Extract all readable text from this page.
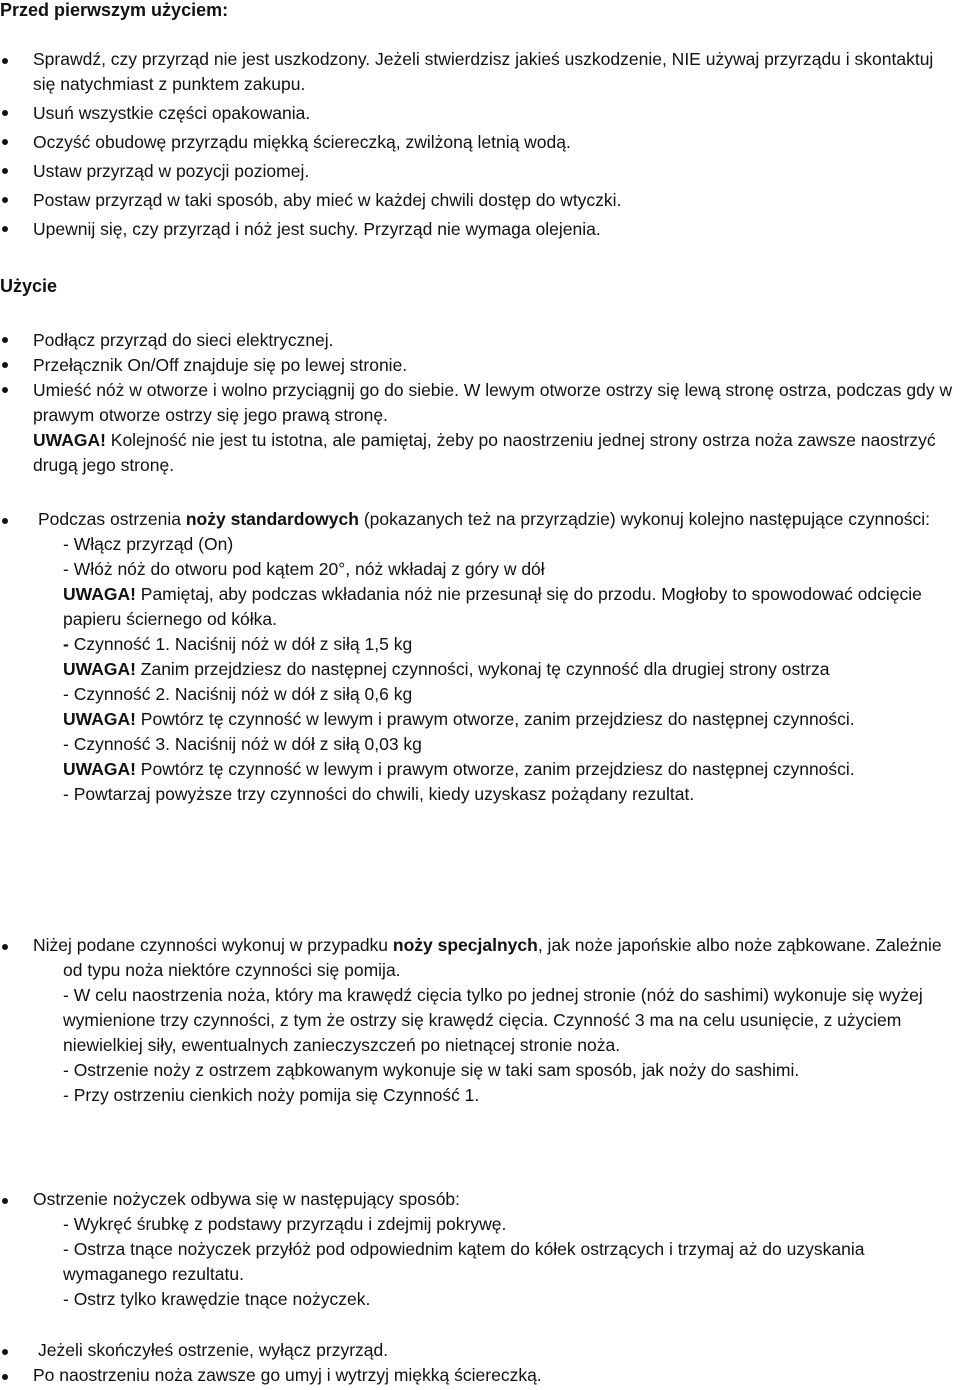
Przed pierwszym użyciem:
Sprawdź, czy przyrząd nie jest uszkodzony. Jeżeli stwierdzisz jakieś uszkodzenie, NIE używaj przyrządu i skontaktuj się natychmiast z punktem zakupu.
Usuń wszystkie części opakowania.
Oczyść obudowę przyrządu miękką ściereczką, zwilżoną letnią wodą.
Ustaw przyrząd w pozycji poziomej.
Postaw przyrząd w taki sposób, aby mieć w każdej chwili dostęp do wtyczki.
Upewnij się, czy przyrząd i nóż jest suchy. Przyrząd nie wymaga olejenia.
Użycie
Podłącz przyrząd do sieci elektrycznej.
Przełącznik On/Off znajduje się po lewej stronie.
Umieść nóż w otworze i wolno przyciągnij go do siebie. W lewym otworze ostrzy się lewą stronę ostrza, podczas gdy w prawym otworze ostrzy się jego prawą stronę.
UWAGA! Kolejność nie jest tu istotna, ale pamiętaj, żeby po naostrzeniu jednej strony ostrza noża zawsze naostrzyć drugą jego stronę.
Podczas ostrzenia noży standardowych (pokazanych też na przyrządzie) wykonuj kolejno następujące czynności:
- Włącz przyrząd (On)
- Włóż nóż do otworu pod kątem 20°, nóż wkładaj z góry w dół
UWAGA! Pamiętaj, aby podczas wkładania nóż nie przesunął się do przodu. Mogłoby to spowodować odcięcie papieru ściernego od kółka.
- Czynność 1. Naciśnij nóż w dół z siłą 1,5 kg
UWAGA! Zanim przejdziesz do następnej czynności, wykonaj tę czynność dla drugiej strony ostrza
- Czynność 2. Naciśnij nóż w dół z siłą 0,6 kg
UWAGA! Powtórz tę czynność w lewym i prawym otworze, zanim przejdziesz do następnej czynności.
- Czynność 3. Naciśnij nóż w dół z siłą 0,03 kg
UWAGA! Powtórz tę czynność w lewym i prawym otworze, zanim przejdziesz do następnej czynności.
- Powtarzaj powyższe trzy czynności do chwili, kiedy uzyskasz pożądany rezultat.
Niżej podane czynności wykonuj w przypadku noży specjalnych, jak noże japońskie albo noże ząbkowane. Zależnie od typu noża niektóre czynności się pomija.
- W celu naostrzenia noża, który ma krawędź cięcia tylko po jednej stronie (nóż do sashimi) wykonuje się wyżej wymienione trzy czynności, z tym że ostrzy się krawędź cięcia. Czynność 3 ma na celu usunięcie, z użyciem niewielkiej siły, ewentualnych zanieczyszczeń po nietnącej stronie noża.
- Ostrzenie noży z ostrzem ząbkowanym wykonuje się w taki sam sposób, jak noży do sashimi.
- Przy ostrzeniu cienkich noży pomija się Czynność 1.
Ostrzenie nożyczek odbywa się w następujący sposób:
- Wykręć śrubkę z podstawy przyrządu i zdejmij pokrywę.
- Ostrza tnące nożyczek przyłóż pod odpowiednim kątem do kółek ostrzących i trzymaj aż do uzyskania wymaganego rezultatu.
- Ostrz tylko krawędzie tnące nożyczek.
Jeżeli skończyłeś ostrzenie, wyłącz przyrząd.
Po naostrzeniu noża zawsze go umyj i wytrzyj miękką ściereczką.
